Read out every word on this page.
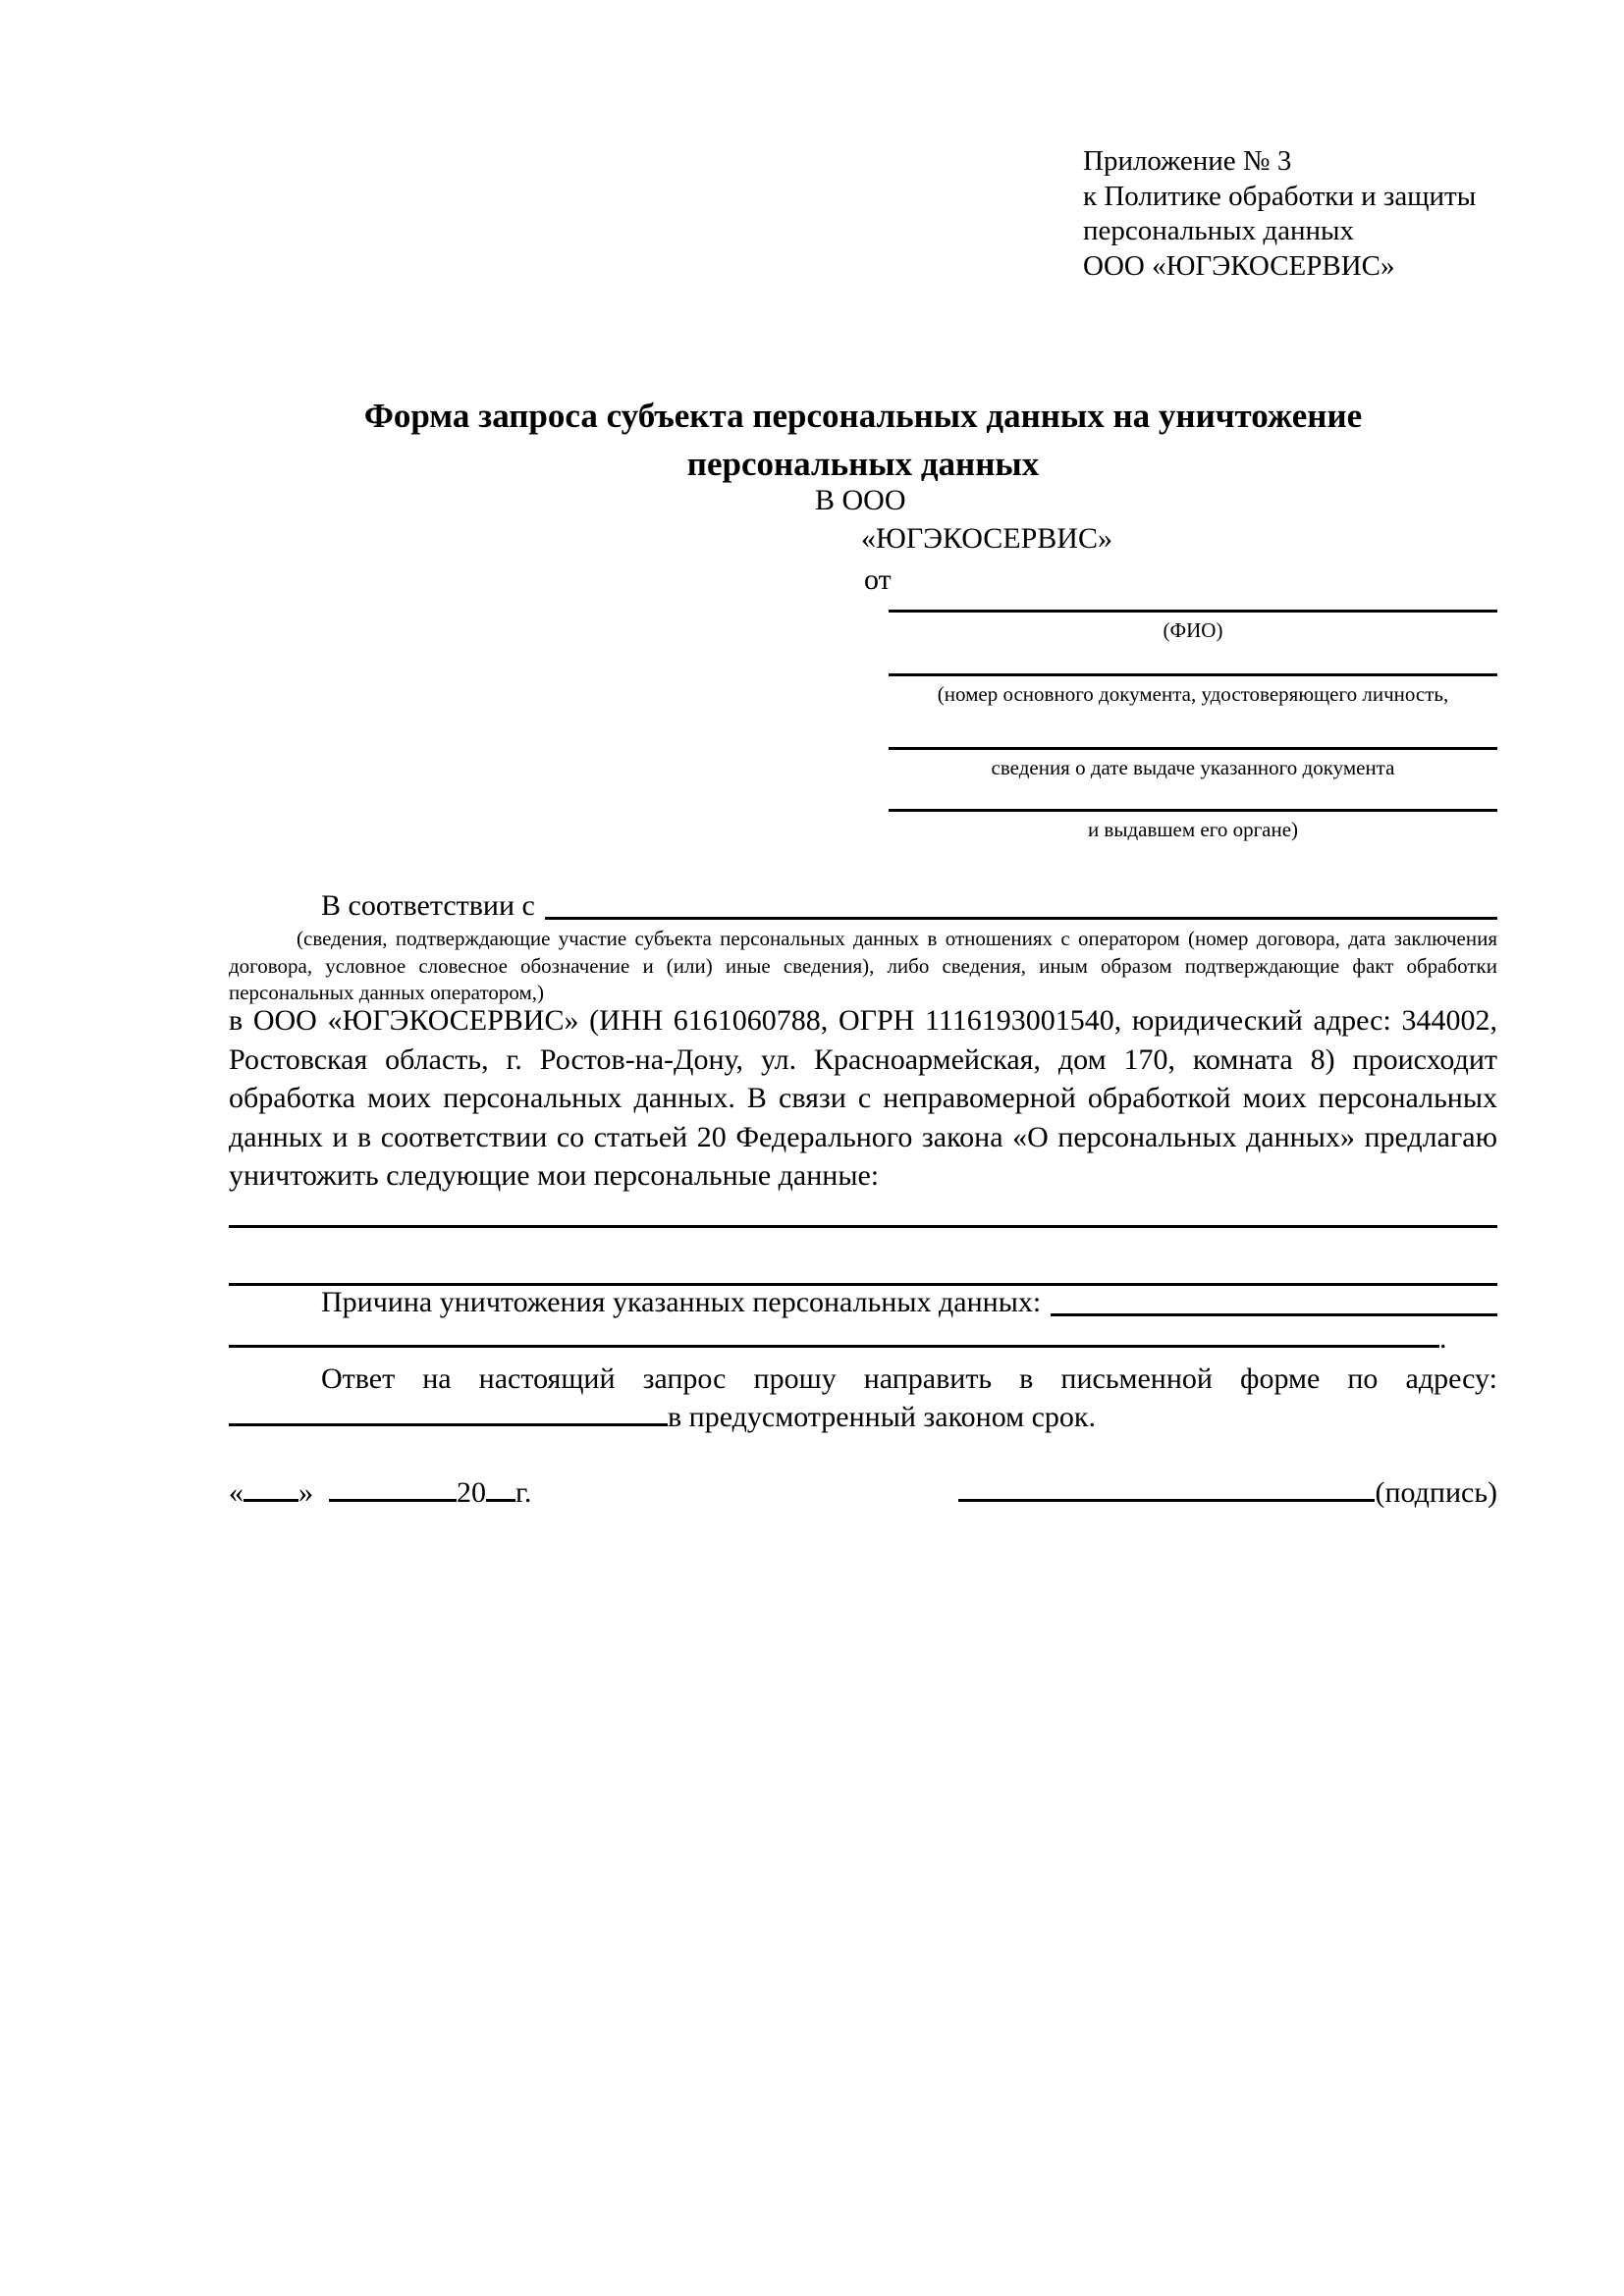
Приложение № 3
к Политике обработки и защиты
персональных данных
ООО «ЮГЭКОСЕРВИС»
Форма запроса субъекта персональных данных на уничтожение
персональных данных
В ООО
«ЮГЭКОСЕРВИС»
от
(ФИО)
(номер основного документа, удостоверяющего личность,
сведения о дате выдаче указанного документа
и выдавшем его органе)
В соответствии с
(сведения, подтверждающие участие субъекта персональных данных в отношениях с оператором (номер договора, дата заключения договора, условное словесное обозначение и (или) иные сведения), либо сведения, иным образом подтверждающие факт обработки персональных данных оператором,)
в ООО «ЮГЭКОСЕРВИС» (ИНН 6161060788, ОГРН 1116193001540, юридический адрес: 344002, Ростовская область, г. Ростов-на-Дону, ул. Красноармейская, дом 170, комната 8) происходит обработка моих персональных данных. В связи с неправомерной обработкой моих персональных данных и в соответствии со статьей 20 Федерального закона «О персональных данных» предлагаю уничтожить следующие мои персональные данные:
Причина уничтожения указанных персональных данных:
.
Ответ на настоящий запрос прошу направить в письменной форме по адресу:
в предусмотренный законом срок.
« »	20 г.	(подпись)
